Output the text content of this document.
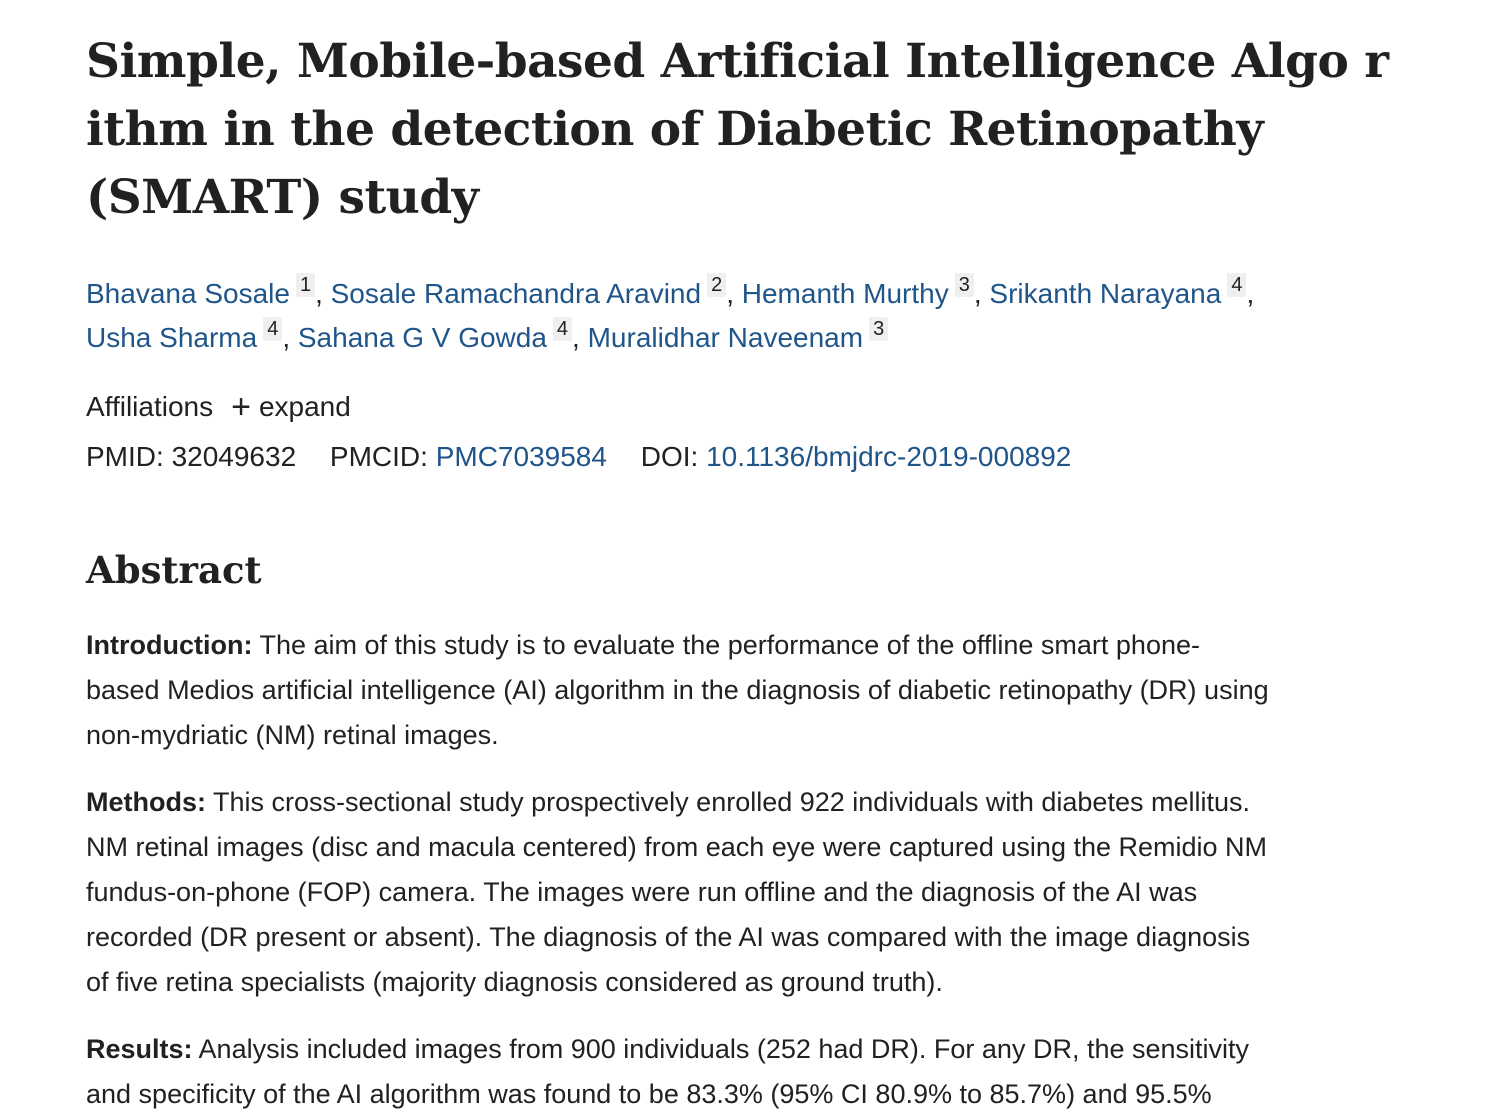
Simple, Mobile-based Artificial Intelligence Algo r
ithm in the detection of Diabetic Retinopathy
(SMART) study
Bhavana Sosale 1 , Sosale Ramachandra Aravind 2 , Hemanth Murthy 3 , Srikanth Narayana 4 ,
Usha Sharma 4 , Sahana G V Gowda 4 , Muralidhar Naveenam 3
Affiliations + expand
PMID: 32049632 PMCID: PMC7039584 DOI: 10.1136/bmjdrc-2019-000892
Abstract

Introduction: The aim of this study is to evaluate the performance of the offline smart phone-
based Medios artificial intelligence (AI) algorithm in the diagnosis of diabetic retinopathy (DR) using
non-mydriatic (NM) retinal images.

Methods: This cross-sectional study prospectively enrolled 922 individuals with diabetes mellitus.
NM retinal images (disc and macula centered) from each eye were captured using the Remidio NM
fundus-on-phone (FOP) camera. The images were run offline and the diagnosis of the AI was
recorded (DR present or absent). The diagnosis of the AI was compared with the image diagnosis
of five retina specialists (majority diagnosis considered as ground truth).

Results: Analysis included images from 900 individuals (252 had DR). For any DR, the sensitivity
and specificity of the AI algorithm was found to be 83.3% (95% CI 80.9% to 85.7%) and 95.5%
